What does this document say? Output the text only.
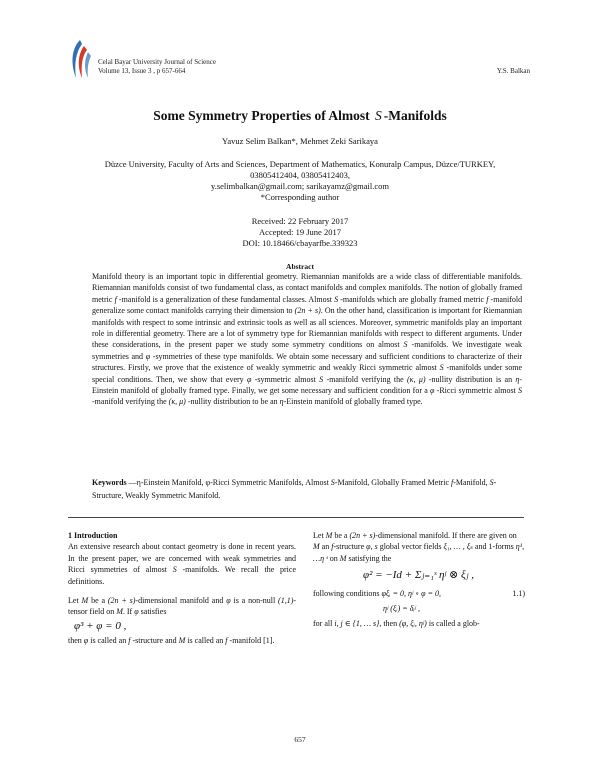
Celal Bayar University Journal of Science
Volume 13, Issue 3 , p 657-664	Y.S. Balkan
Some Symmetry Properties of Almost S -Manifolds
Yavuz Selim Balkan*, Mehmet Zeki Sarikaya
Düzce University, Faculty of Arts and Sciences, Department of Mathematics, Konuralp Campus, Düzce/TURKEY,
03805412404, 03805412403,
y.selimbalkan@gmail.com; sarikayamz@gmail.com
*Corresponding author
Received: 22 February 2017
Accepted: 19 June 2017
DOI: 10.18466/cbayarfbe.339323
Abstract
Manifold theory is an important topic in differential geometry. Riemannian manifolds are a wide class of differentiable manifolds. Riemannian manifolds consist of two fundamental class, as contact manifolds and complex manifolds. The notion of globally framed metric f -manifold is a generalization of these fundamental classes. Almost S -manifolds which are globally framed metric f -manifold generalize some contact manifolds carrying their dimension to (2n + s). On the other hand, classification is important for Riemannian manifolds with respect to some intrinsic and extrinsic tools as well as all sciences. Moreover, symmetric manifolds play an important role in differential geometry. There are a lot of symmetry type for Riemannian manifolds with respect to different arguments. Under these considerations, in the present paper we study some symmetry conditions on almost S -manifolds. We investigate weak symmetries and φ -symmetries of these type manifolds. We obtain some necessary and sufficient conditions to characterize of their structures. Firstly, we prove that the existence of weakly symmetric and weakly Ricci symmetric almost S -manifolds under some special conditions. Then, we show that every φ -symmetric almost S -manifold verifying the (κ, μ) -nullity distribution is an η-Einstein manifold of globally framed type. Finally, we get some necessary and sufficient condition for a φ -Ricci symmetric almost S -manifold verifying the (κ, μ) -nullity distribution to be an η-Einstein manifold of globally framed type.
Keywords —η-Einstein Manifold, φ-Ricci Symmetric Manifolds, Almost S-Manifold, Globally Framed Metric f-Manifold, S-Structure, Weakly Symmetric Manifold.
1 Introduction

An extensive research about contact geometry is done in recent years. In the present paper, we are concerned with weak symmetries and Ricci symmetries of almost S -manifolds. We recall the price definitions.

Let M be a (2n + s)-dimensional manifold and φ is a non-null (1,1)-tensor field on M. If φ satisfies

φ³ + φ = 0 ,

then φ is called an f -structure and M is called an f -manifold [1].

Let M be a (2n + s)-dimensional manifold. If there are given on M an f-structure φ, s global vector fields ξ₁, … , ξₛ and 1-forms η¹, …η ˢ on M satisfying the

φ² = −Id + Σⱼ₌₁ˢ ηʲ ⊗ ξⱼ ,

following conditions φξᵢ = 0, ηʲ ∘ φ = 0,	1.1)

ηʲ (ξᵢ) = δᵢʲ ,

for all i, j ∈ {1, … s}, then (φ, ξᵢ, ηʲ) is called a glob-

657
